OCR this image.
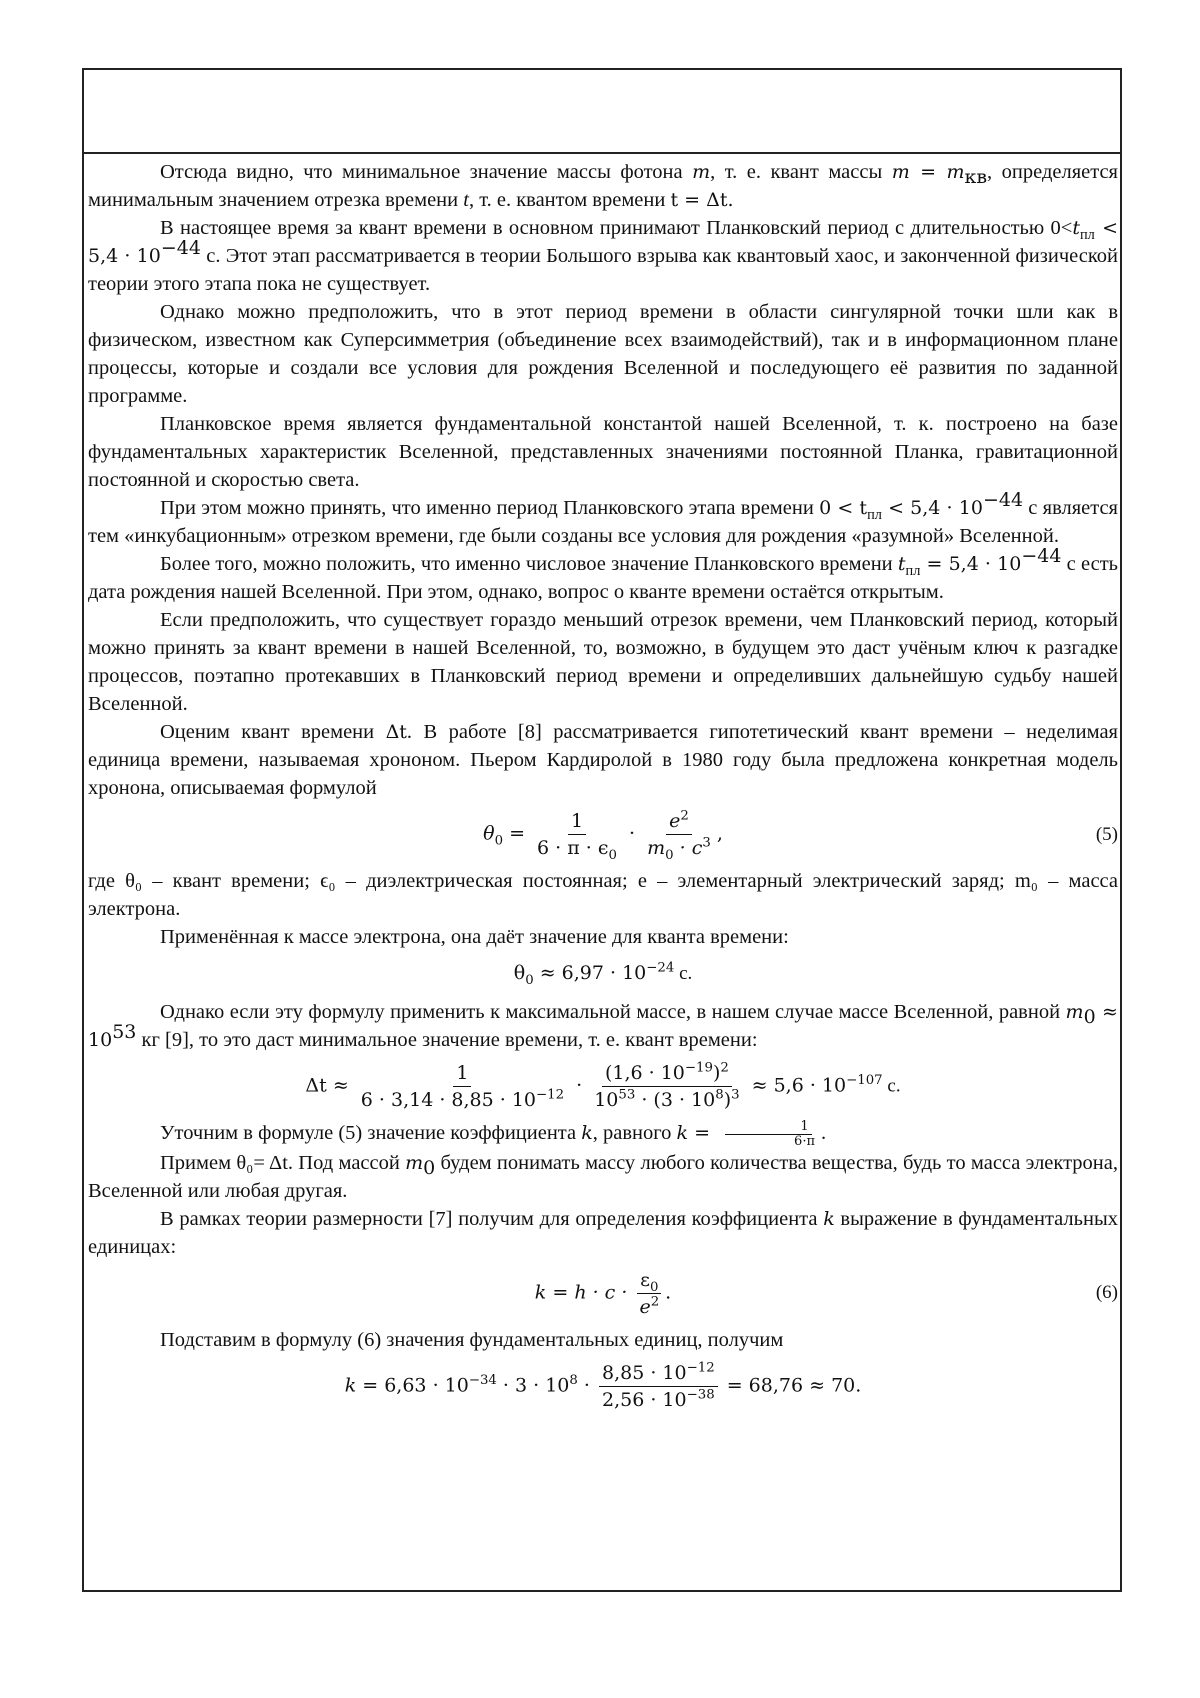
Отсюда видно, что минимальное значение массы фотона m, т. е. квант массы $m = m_{кв}$, определяется минимальным значением отрезка времени t, т. е. квантом времени t = Δt.

В настоящее время за квант времени в основном принимают Планковский период с длительностью $0<t_{пл} < 5,4 \cdot 10^{-44}$ с. Этот этап рассматривается в теории Большого взрыва как квантовый хаос, и законченной физической теории этого этапа пока не существует.

Однако можно предположить, что в этот период времени в области сингулярной точки шли как в физическом, известном как Суперсимметрия (объединение всех взаимодействий), так и в информационном плане процессы, которые и создали все условия для рождения Вселенной и последующего её развития по заданной программе.

Планковское время является фундаментальной константой нашей Вселенной, т. к. построено на базе фундаментальных характеристик Вселенной, представленных значениями постоянной Планка, гравитационной постоянной и скоростью света.

При этом можно принять, что именно период Планковского этапа времени $0 < t_{пл} < 5,4 \cdot 10^{-44}$ с является тем «инкубационным» отрезком времени, где были созданы все условия для рождения «разумной» Вселенной.

Более того, можно положить, что именно числовое значение Планковского времени $t_{пл} = 5,4 \cdot 10^{-44}$ с есть дата рождения нашей Вселенной. При этом, однако, вопрос о кванте времени остаётся открытым.

Если предположить, что существует гораздо меньший отрезок времени, чем Планковский период, который можно принять за квант времени в нашей Вселенной, то, возможно, в будущем это даст учёным ключ к разгадке процессов, поэтапно протекавших в Планковский период времени и определивших дальнейшую судьбу нашей Вселенной.

Оценим квант времени Δt. В работе [8] рассматривается гипотетический квант времени – неделимая единица времени, называемая хрононом. Пьером Кардиролой в 1980 году была предложена конкретная модель хронона, описываемая формулой

$\theta_0 = \frac{1}{6 \cdot \pi \cdot \epsilon_0} \cdot \frac{e^2}{m_0 \cdot c^3}$ ,	(5)

где θ₀ – квант времени; ϵ₀ – диэлектрическая постоянная; e – элементарный электрический заряд; m₀ – масса электрона.

Применённая к массе электрона, она даёт значение для кванта времени:

$\theta_0 \approx 6,97 \cdot 10^{-24}$ с.

Однако если эту формулу применить к максимальной массе, в нашем случае массе Вселенной, равной $m_0 \approx 10^{53}$ кг [9], то это даст минимальное значение времени, т. е. квант времени:

$\Delta t \approx \frac{1}{6 \cdot 3,14 \cdot 8,85 \cdot 10^{-12}} \cdot \frac{(1,6 \cdot 10^{-19})^2}{10^{53} \cdot (3 \cdot 10^8)^3} \approx 5,6 \cdot 10^{-107}$ с.

Уточним в формуле (5) значение коэффициента k, равного $k = \frac{1}{6\cdot\pi}$ .

Примем θ₀= Δt. Под массой $m_0$ будем понимать массу любого количества вещества, будь то масса электрона, Вселенной или любая другая.

В рамках теории размерности [7] получим для определения коэффициента k выражение в фундаментальных единицах:

$k = h \cdot c \cdot \frac{\varepsilon_0}{e^2}$ .	(6)

Подставим в формулу (6) значения фундаментальных единиц, получим

$k = 6,63 \cdot 10^{-34} \cdot 3 \cdot 10^8 \cdot \frac{8,85 \cdot 10^{-12}}{2,56 \cdot 10^{-38}} = 68,76 \approx 70$.
